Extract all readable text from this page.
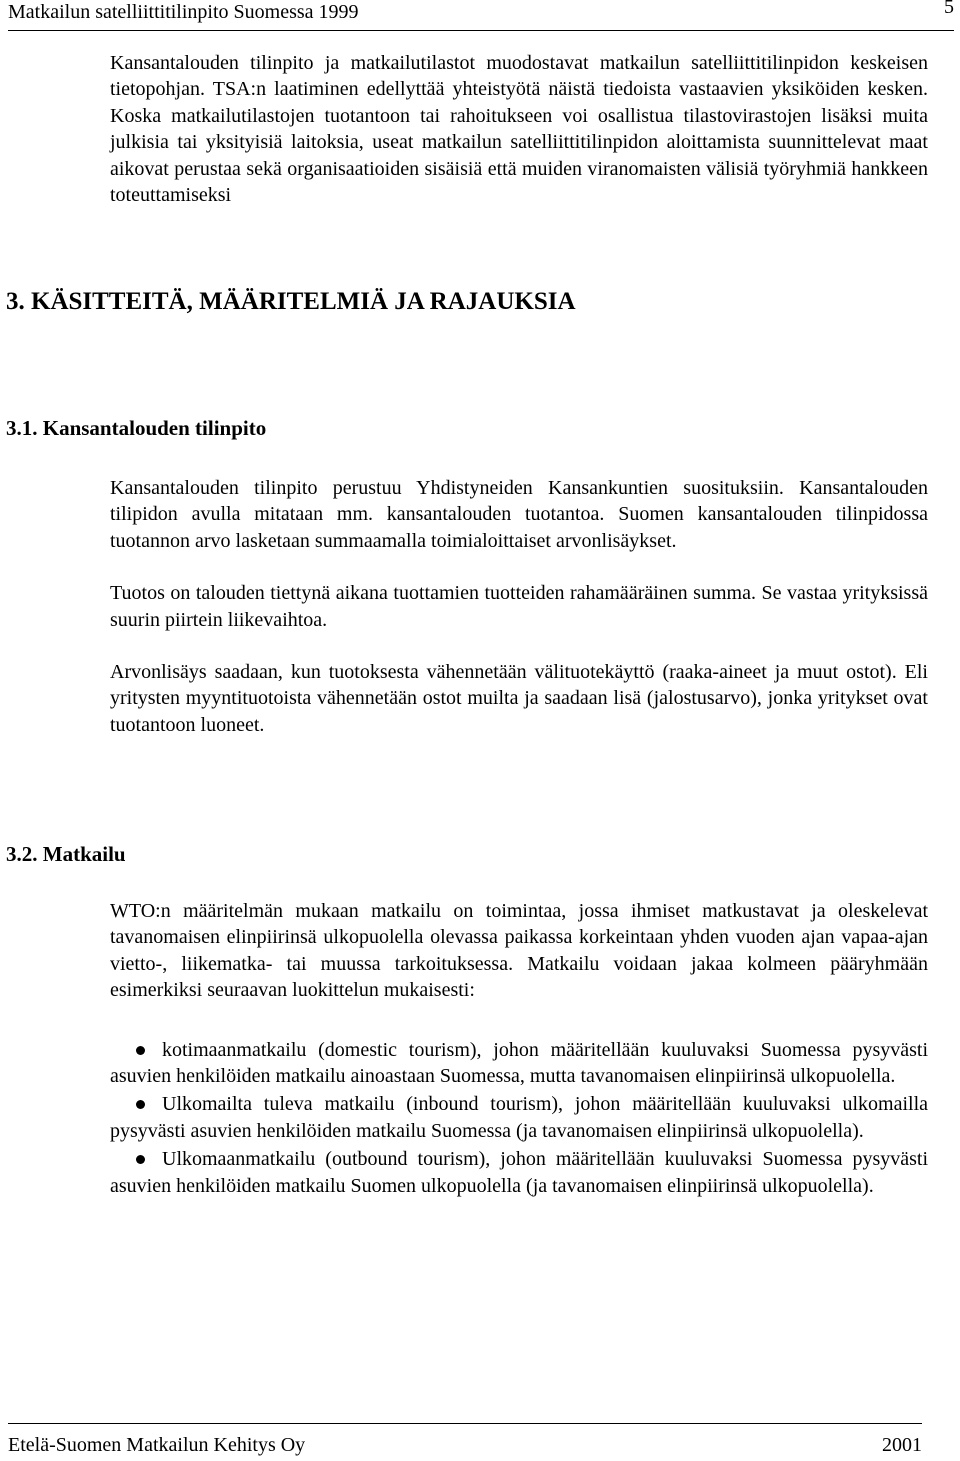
Matkailun satelliittitilinpito Suomessa 1999	5

Kansantalouden tilinpito ja matkailutilastot muodostavat matkailun satelliittitilinpidon keskeisen tietopohjan. TSA:n laatiminen edellyttää yhteistyötä näistä tiedoista vastaavien yksiköiden kesken. Koska matkailutilastojen tuotantoon tai rahoitukseen voi osallistua tilastovirastojen lisäksi muita julkisia tai yksityisiä laitoksia, useat matkailun satelliittitilinpidon aloittamista suunnittelevat maat aikovat perustaa sekä organisaatioiden sisäisiä että muiden viranomaisten välisiä työryhmiä hankkeen toteuttamiseksi

3. KÄSITTEITÄ, MÄÄRITELMIÄ JA RAJAUKSIA
3.1. Kansantalouden tilinpito

Kansantalouden tilinpito perustuu Yhdistyneiden Kansankuntien suosituksiin. Kansantalouden tilipidon avulla mitataan mm. kansantalouden tuotantoa. Suomen kansantalouden tilinpidossa tuotannon arvo lasketaan summaamalla toimialoittaiset arvonlisäykset.

Tuotos on talouden tiettynä aikana tuottamien tuotteiden rahamääräinen summa. Se vastaa yrityksissä suurin piirtein liikevaihtoa.

Arvonlisäys saadaan, kun tuotoksesta vähennetään välituotekäyttö (raaka-aineet ja muut ostot). Eli yritysten myyntituotoista vähennetään ostot muilta ja saadaan lisä (jalostusarvo), jonka yritykset ovat tuotantoon luoneet.

3.2. Matkailu

WTO:n määritelmän mukaan matkailu on toimintaa, jossa ihmiset matkustavat ja oleskelevat tavanomaisen elinpiirinsä ulkopuolella olevassa paikassa korkeintaan yhden vuoden ajan vapaa-ajan vietto-, liikematka- tai muussa tarkoituksessa. Matkailu voidaan jakaa kolmeen pääryhmään esimerkiksi seuraavan luokittelun mukaisesti:

kotimaanmatkailu (domestic tourism), johon määritellään kuuluvaksi Suomessa pysyvästi asuvien henkilöiden matkailu ainoastaan Suomessa, mutta tavanomaisen elinpiirinsä ulkopuolella.

Ulkomailta tuleva matkailu (inbound tourism), johon määritellään kuuluvaksi ulkomailla pysyvästi asuvien henkilöiden matkailu Suomessa (ja tavanomaisen elinpiirinsä ulkopuolella).

Ulkomaanmatkailu (outbound tourism), johon määritellään kuuluvaksi Suomessa pysyvästi asuvien henkilöiden matkailu Suomen ulkopuolella (ja tavanomaisen elinpiirinsä ulkopuolella).

Etelä-Suomen Matkailun Kehitys Oy	2001
